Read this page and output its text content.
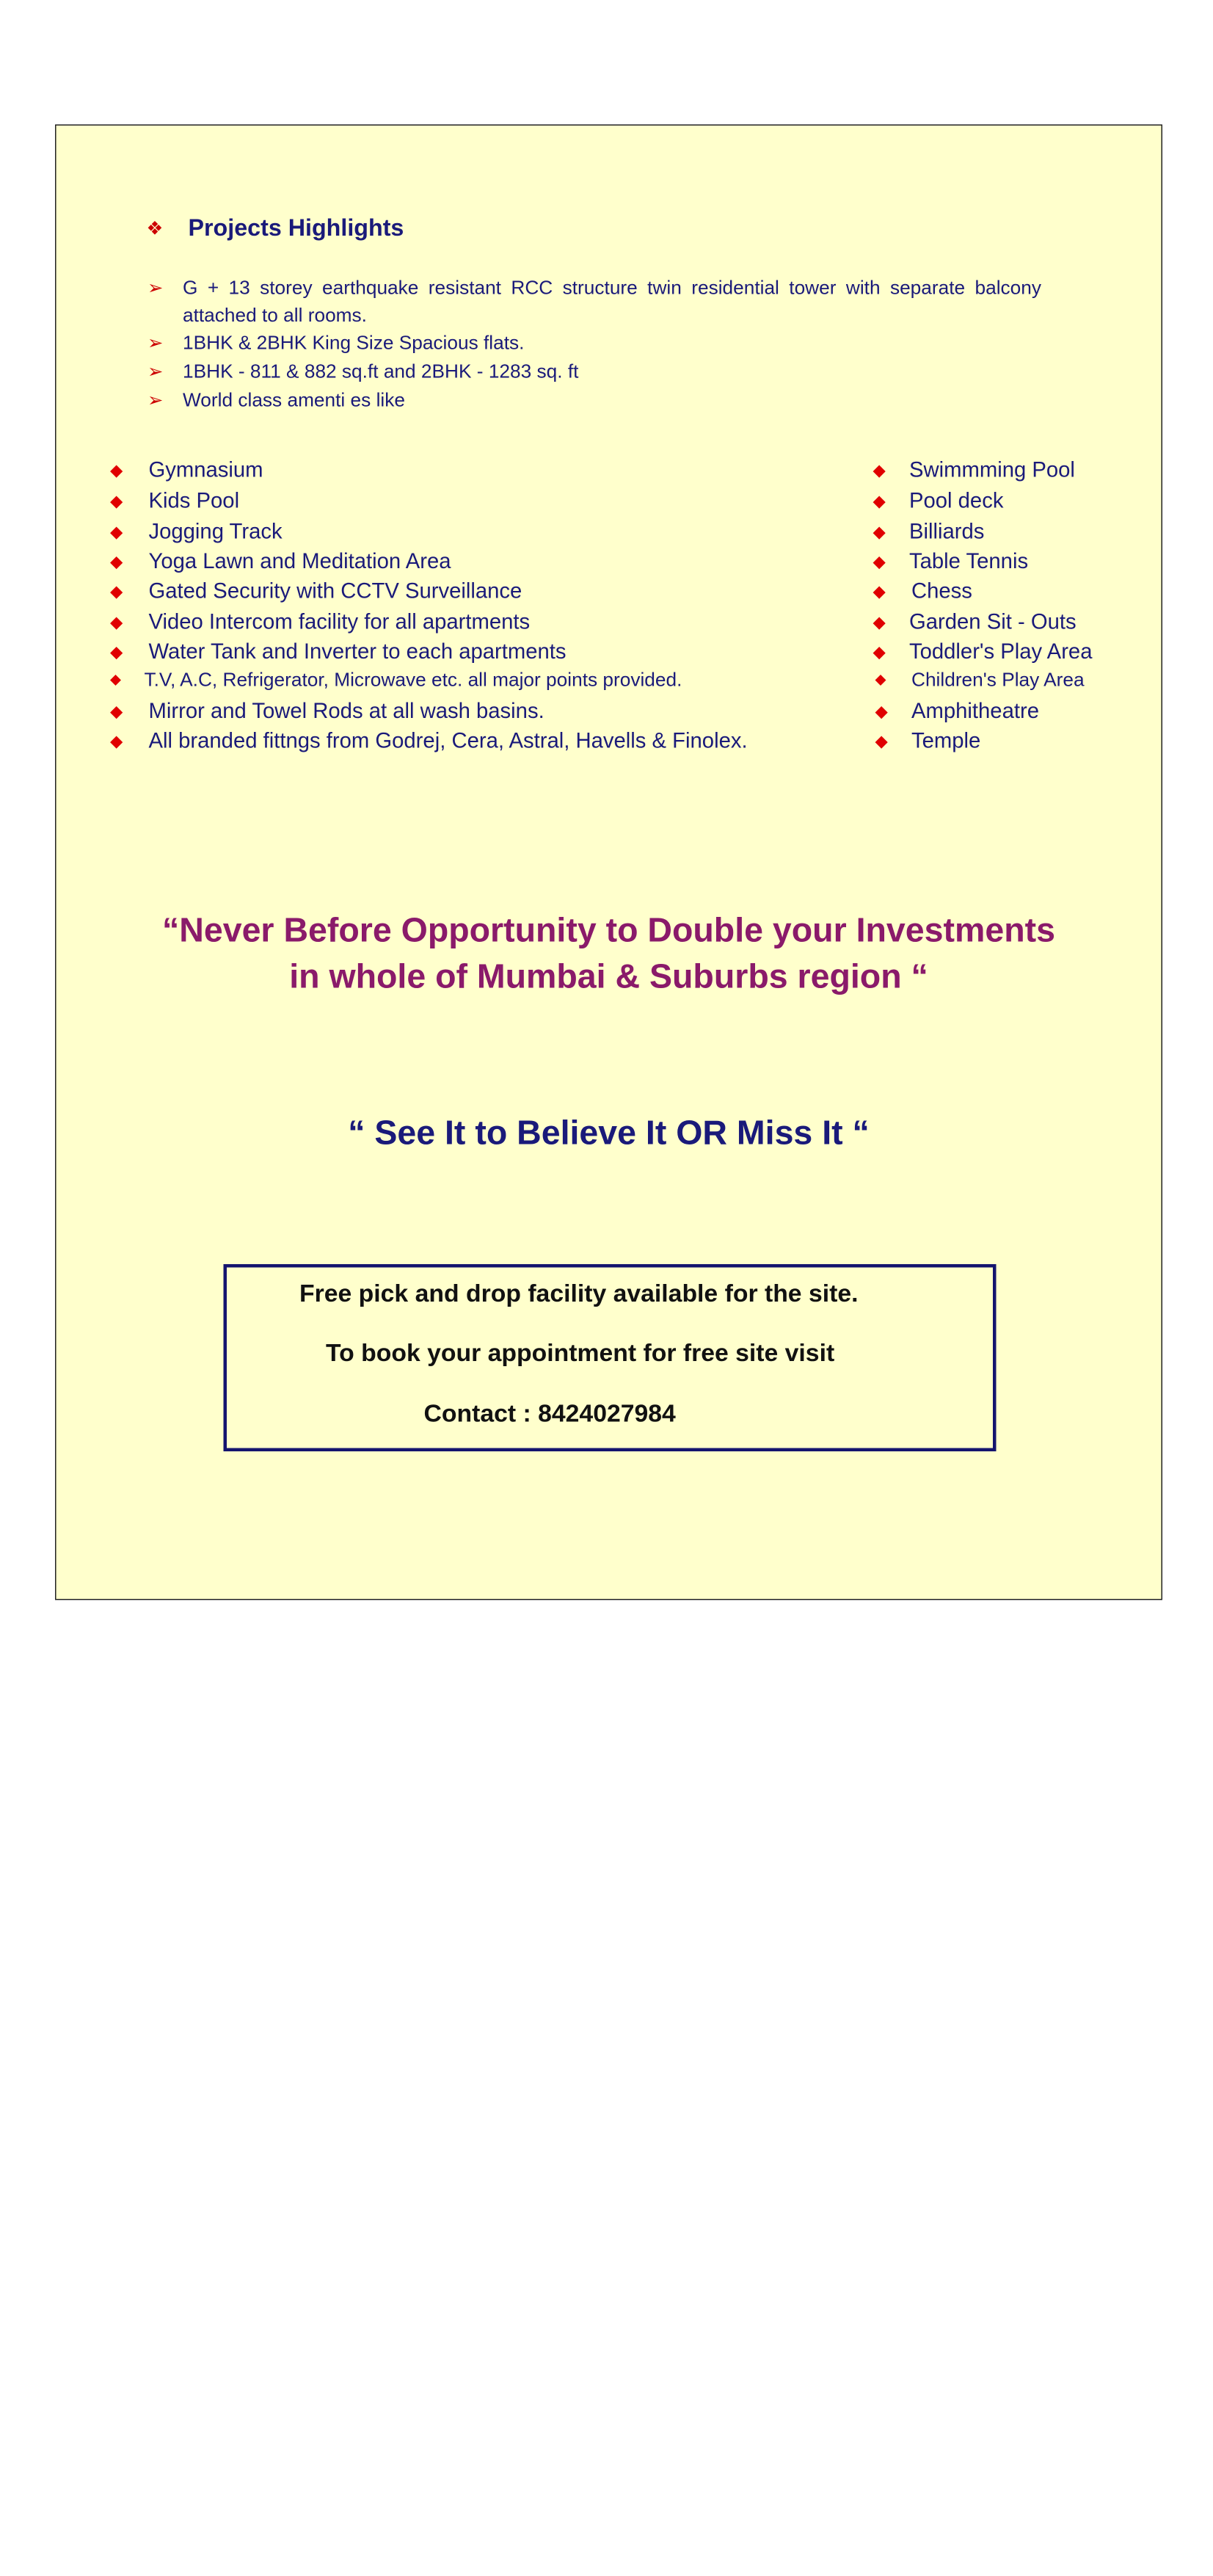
❖ Projects Highlights
➢ G + 13 storey earthquake resistant RCC structure twin residential tower with separate balcony attached to all rooms.
➢ 1BHK & 2BHK King Size Spacious flats.
➢ 1BHK - 811 & 882 sq.ft and 2BHK - 1283 sq. ft
➢ World class amenti es like
◆ Gymnasium
◆ Kids Pool
◆ Jogging Track
◆ Yoga Lawn and Meditation Area
◆ Gated Security with CCTV Surveillance
◆ Video Intercom facility for all apartments
◆ Water Tank and Inverter to each apartments
◆ T.V, A.C, Refrigerator, Microwave etc. all major points provided.
◆ Mirror and Towel Rods at all wash basins.
◆ All branded fittngs from Godrej, Cera, Astral, Havells & Finolex.
◆ Swimmming Pool
◆ Pool deck
◆ Billiards
◆ Table Tennis
◆ Chess
◆ Garden Sit - Outs
◆ Toddler's Play Area
◆ Children's Play Area
◆ Amphitheatre
◆ Temple
“Never Before Opportunity to Double your Investments
in whole of Mumbai & Suburbs region “
“ See It to Believe It OR Miss It “
Free pick and drop facility available for the site.
To book your appointment for free site visit
Contact : 8424027984
